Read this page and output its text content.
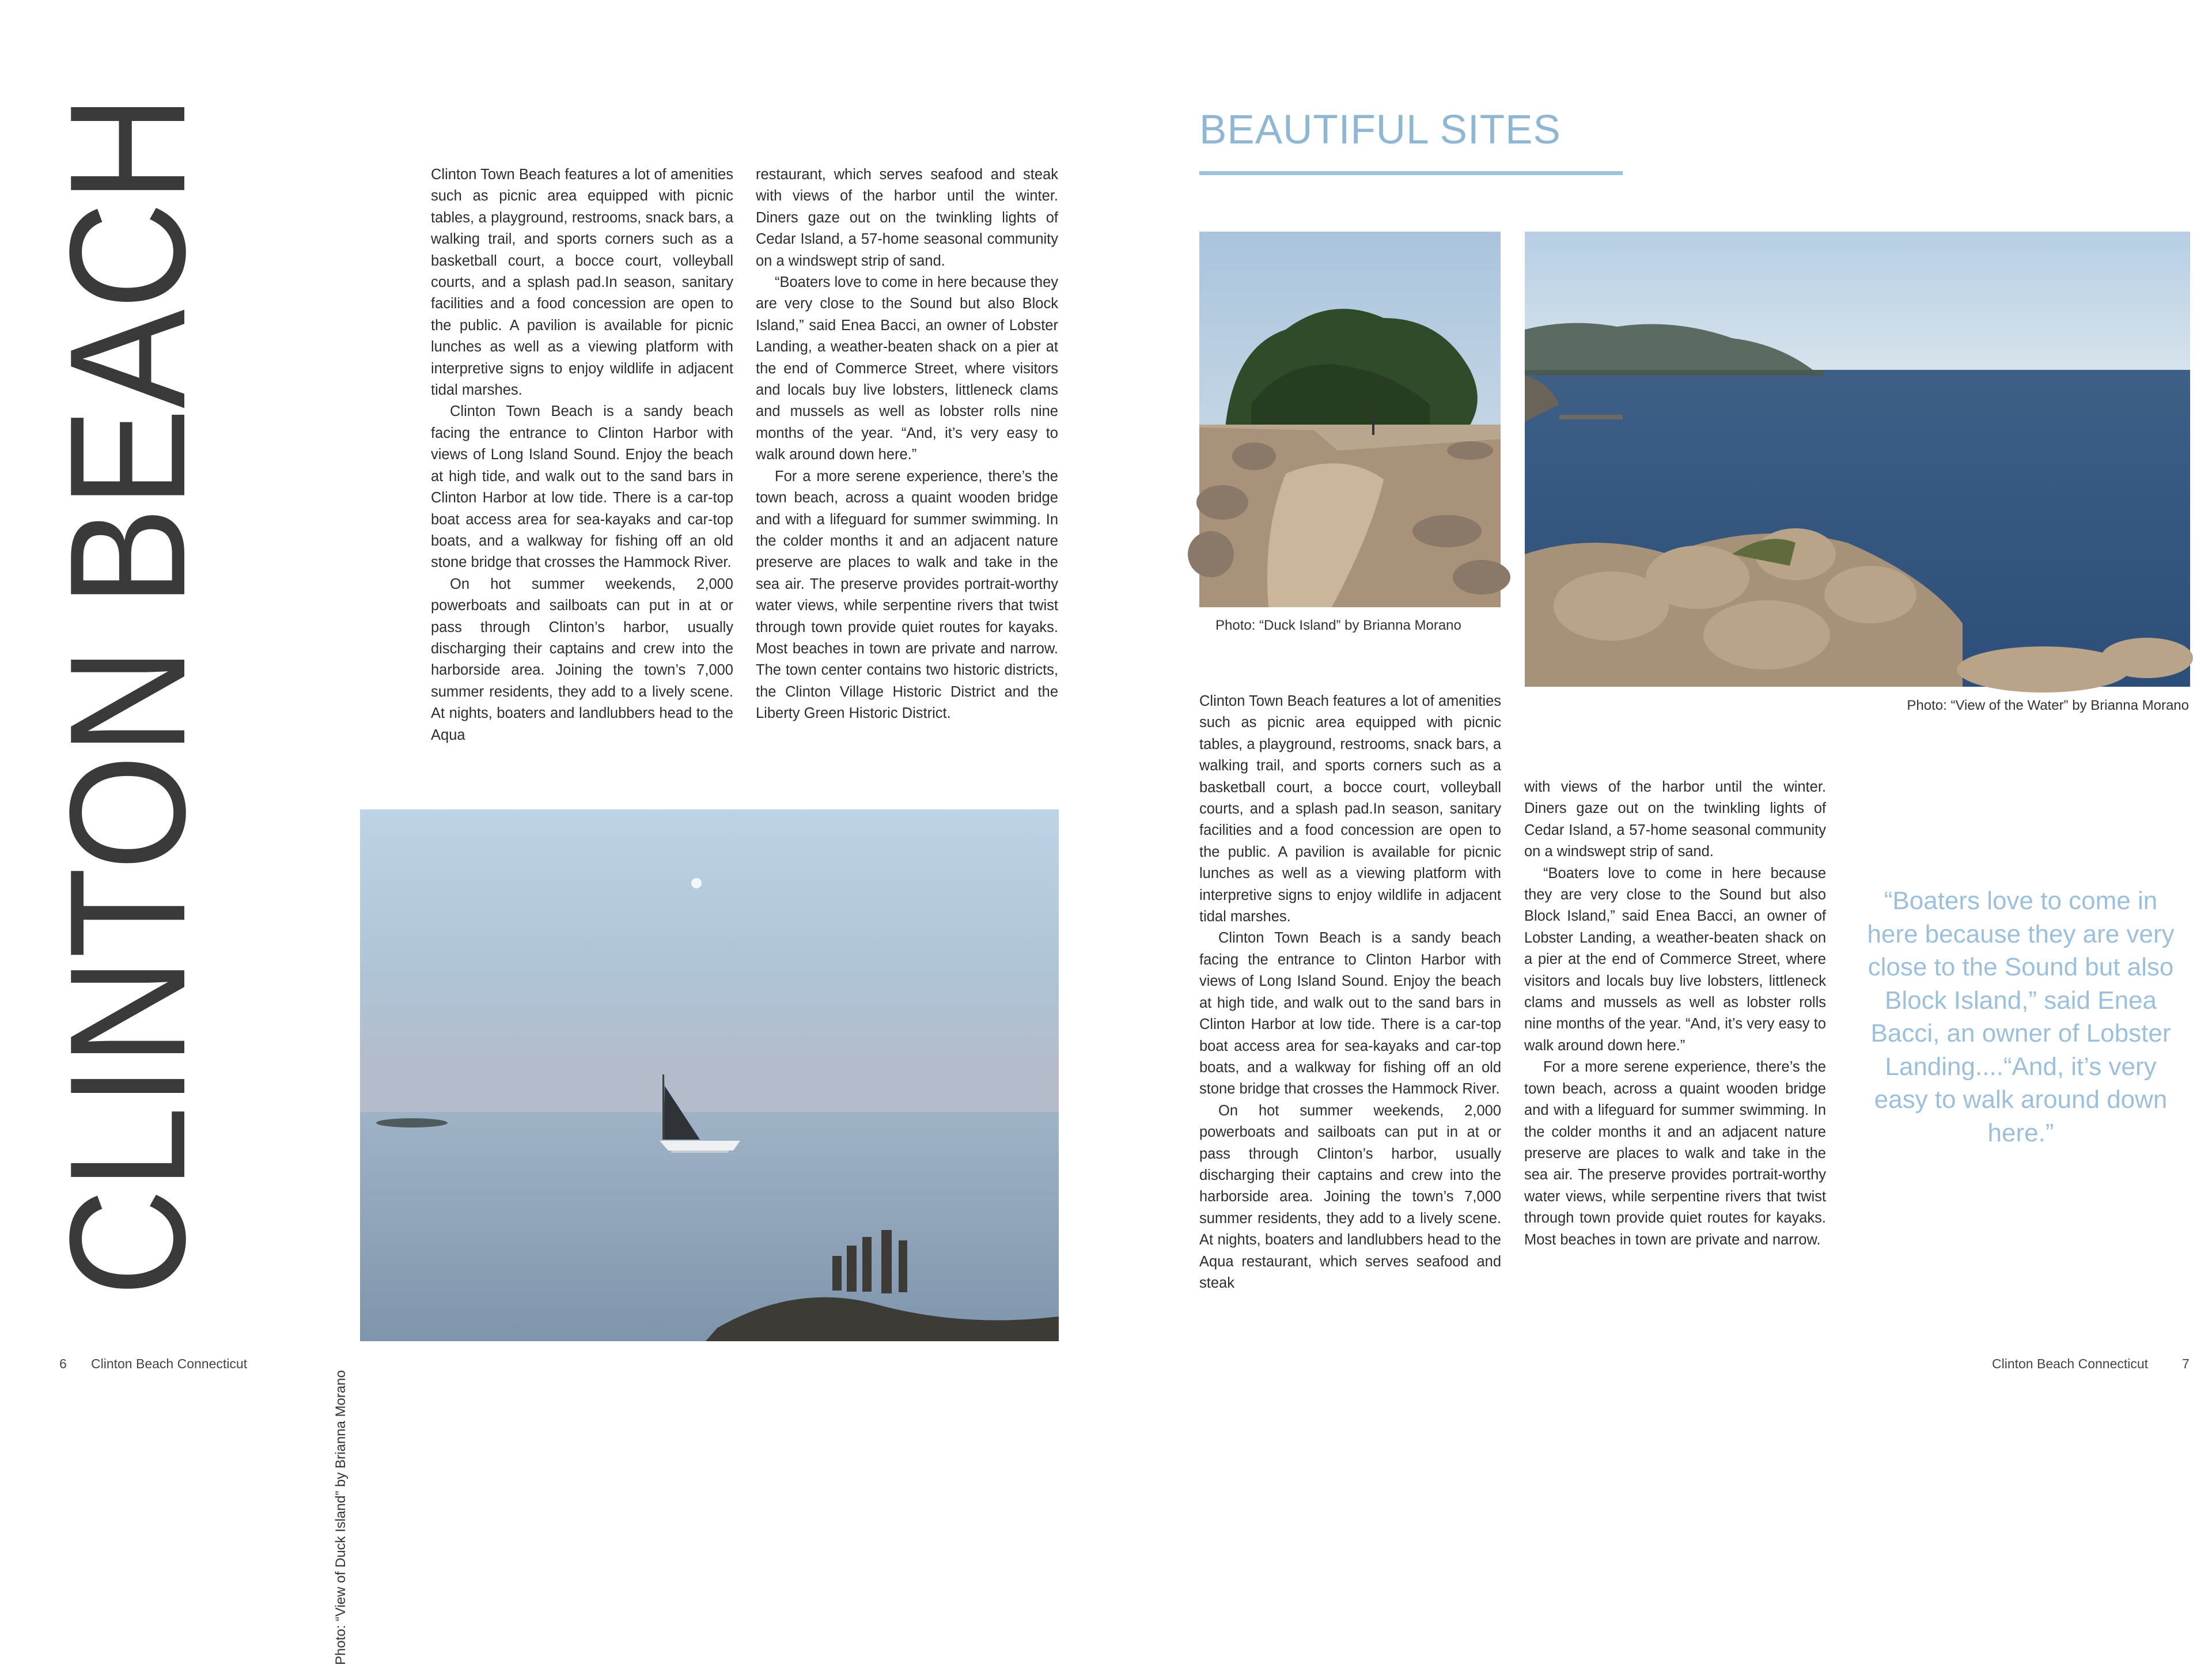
CLINTON BEACH	Clinton Town Beach features a lot of amenities such as picnic area equipped with picnic tables, a playground, restrooms, snack bars, a walking trail, and sports corners such as a basketball court, a bocce court, volleyball courts, and a splash pad.In season, sanitary facilities and a food concession are open to the public. A pavilion is available for picnic lunches as well as a viewing platform with interpretive signs to enjoy wildlife in adjacent tidal marshes.

Clinton Town Beach is a sandy beach facing the entrance to Clinton Harbor with views of Long Island Sound. Enjoy the beach at high tide, and walk out to the sand bars in Clinton Harbor at low tide. There is a car-top boat access area for sea-kayaks and car-top boats, and a walkway for fishing off an old stone bridge that crosses the Hammock River.

On hot summer weekends, 2,000 powerboats and sailboats can put in at or pass through Clinton’s harbor, usually discharging their captains and crew into the harborside area. Joining the town’s 7,000 summer residents, they add to a lively scene. At nights, boaters and landlubbers head to the Aqua

restaurant, which serves seafood and steak with views of the harbor until the winter. Diners gaze out on the twinkling lights of Cedar Island, a 57-home seasonal community on a windswept strip of sand.

“Boaters love to come in here because they are very close to the Sound but also Block Island,” said Enea Bacci, an owner of Lobster Landing, a weather-beaten shack on a pier at the end of Commerce Street, where visitors and locals buy live lobsters, littleneck clams and mussels as well as lobster rolls nine months of the year. “And, it’s very easy to walk around down here.”

For a more serene experience, there’s the town beach, across a quaint wooden bridge and with a lifeguard for summer swimming. In the colder months it and an adjacent nature preserve are places to walk and take in the sea air. The preserve provides portrait-worthy water views, while serpentine rivers that twist through town provide quiet routes for kayaks. Most beaches in town are private and narrow. The town center contains two historic districts, the Clinton Village Historic District and the Liberty Green Historic District.

Photo: “View of Duck Island” by Brianna Morano
BEAUTIFUL SITES
Photo: “Duck Island” by Brianna Morano
Photo: “View of the Water” by Brianna Morano

Clinton Town Beach features a lot of amenities such as picnic area equipped with picnic tables, a playground, restrooms, snack bars, a walking trail, and sports corners such as a basketball court, a bocce court, volleyball courts, and a splash pad.In season, sanitary facilities and a food concession are open to the public. A pavilion is available for picnic lunches as well as a viewing platform with interpretive signs to enjoy wildlife in adjacent tidal marshes.

Clinton Town Beach is a sandy beach facing the entrance to Clinton Harbor with views of Long Island Sound. Enjoy the beach at high tide, and walk out to the sand bars in Clinton Harbor at low tide. There is a car-top boat access area for sea-kayaks and car-top boats, and a walkway for fishing off an old stone bridge that crosses the Hammock River.

On hot summer weekends, 2,000 powerboats and sailboats can put in at or pass through Clinton’s harbor, usually discharging their captains and crew into the harborside area. Joining the town’s 7,000 summer residents, they add to a lively scene. At nights, boaters and landlubbers head to the Aqua restaurant, which serves seafood and steak

with views of the harbor until the winter. Diners gaze out on the twinkling lights of Cedar Island, a 57-home seasonal community on a windswept strip of sand.

“Boaters love to come in here because they are very close to the Sound but also Block Island,” said Enea Bacci, an owner of Lobster Landing, a weather-beaten shack on a pier at the end of Commerce Street, where visitors and locals buy live lobsters, littleneck clams and mussels as well as lobster rolls nine months of the year. “And, it’s very easy to walk around down here.”

For a more serene experience, there’s the town beach, across a quaint wooden bridge and with a lifeguard for summer swimming. In the colder months it and an adjacent nature preserve are places to walk and take in the sea air. The preserve provides portrait-worthy water views, while serpentine rivers that twist through town provide quiet routes for kayaks. Most beaches in town are private and narrow.

“Boaters love to come in here because they are very close to the Sound but also Block Island,” said Enea Bacci, an owner of Lobster Landing....“And, it’s very easy to walk around down here.”
6 Clinton Beach Connecticut	Clinton Beach Connecticut	7
